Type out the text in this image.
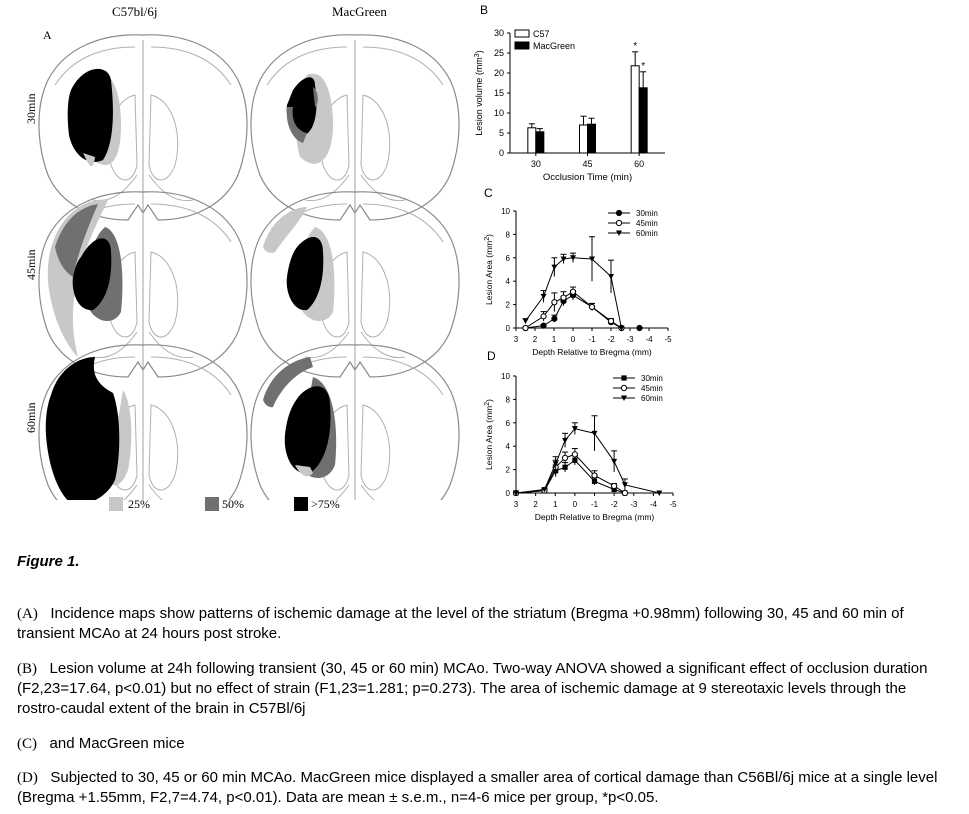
C57bl/6j	MacGreen
A
30min
45min
60min
25%	50%	>75%
B
0
5
10
15
20
25
30
Lesion volume $(mm^3)$
30	45	60
Occlusion Time (min)
*
*
C57
MacGreen
C
0
2
4
6
8
10
3 2 1 0 -1 -2 -3 -4 -5
Lesion Area $(mm^2)$
Depth Relative to Bregma (mm)
30min
45min
60min
D
0
2
4
6
8
10
3 2 1 0 -1 -2 -3 -4 -5
Lesion Area $(mm^2)$
Depth Relative to Bregma (mm)
30min
45min
60min
Figure 1.

(A) Incidence maps show patterns of ischemic damage at the level of the striatum (Bregma +0.98mm) following 30, 45 and 60 min of transient MCAo at 24 hours post stroke.

(B) Lesion volume at 24h following transient (30, 45 or 60 min) MCAo. Two-way ANOVA showed a significant effect of occlusion duration (F2,23=17.64, p<0.01) but no effect of strain (F1,23=1.281; p=0.273). The area of ischemic damage at 9 stereotaxic levels through the rostro-caudal extent of the brain in C57Bl/6j

(C) and MacGreen mice

(D) Subjected to 30, 45 or 60 min MCAo. MacGreen mice displayed a smaller area of cortical damage than C56Bl/6j mice at a single level (Bregma +1.55mm, F2,7=4.74, p<0.01). Data are mean ± s.e.m., n=4-6 mice per group, *p<0.05.
